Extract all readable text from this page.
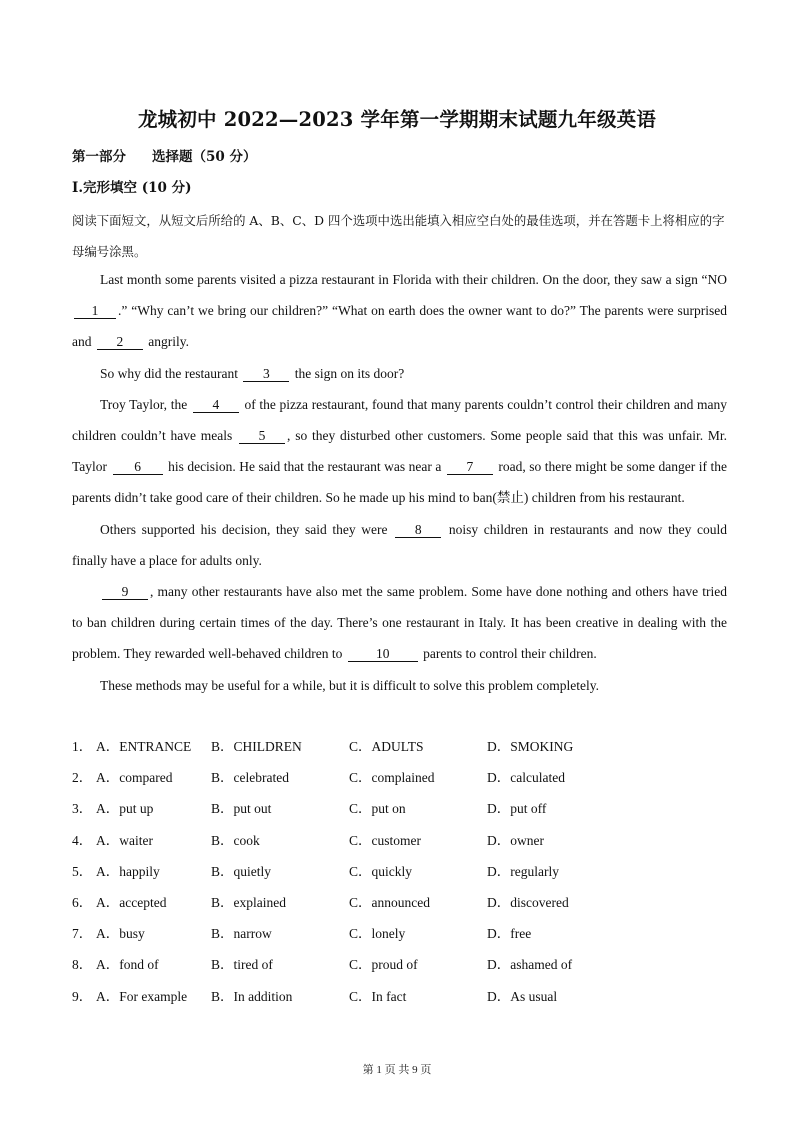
龙城初中 2022—2023 学年第一学期期末试题九年级英语
第一部分 选择题（50 分）
I.完形填空 (10 分)
阅读下面短文，从短文后所给的 A、B、C、D 四个选项中选出能填入相应空白处的最佳选项，并在答题卡上将相应的字母编号涂黑。

Last month some parents visited a pizza restaurant in Florida with their children. On the door, they saw a sign “NO 1 .” “Why can’t we bring our children?” “What on earth does the owner want to do?” The parents were surprised and 2 angrily.

So why did the restaurant 3 the sign on its door?

Troy Taylor, the 4 of the pizza restaurant, found that many parents couldn’t control their children and many children couldn’t have meals 5 , so they disturbed other customers. Some people said that this was unfair. Mr. Taylor 6 his decision. He said that the restaurant was near a 7 road, so there might be some danger if the parents didn’t take good care of their children. So he made up his mind to ban(禁止) children from his restaurant.

Others supported his decision, they said they were 8 noisy children in restaurants and now they could finally have a place for adults only.

9 , many other restaurants have also met the same problem. Some have done nothing and others have tried to ban children during certain times of the day. There’s one restaurant in Italy. It has been creative in dealing with the problem. They rewarded well-behaved children to 10 parents to control their children.

These methods may be useful for a while, but it is difficult to solve this problem completely.

1． A．ENTRANCE B．CHILDREN	C．ADULTS	D．SMOKING
2． A．compared	B．celebrated	C．complained	D．calculated
3． A．put up	B．put out	C．put on	D．put off
4． A．waiter	B．cook	C．customer	D．owner
5． A．happily	B．quietly	C．quickly	D．regularly
6． A．accepted	B．explained	C．announced	D．discovered
7． A．busy	B．narrow	C．lonely	D．free
8． A．fond of	B．tired of	C．proud of	D．ashamed of
9． A．For example B．In addition	C．In fact	D．As usual
第 1 页 共 9 页
